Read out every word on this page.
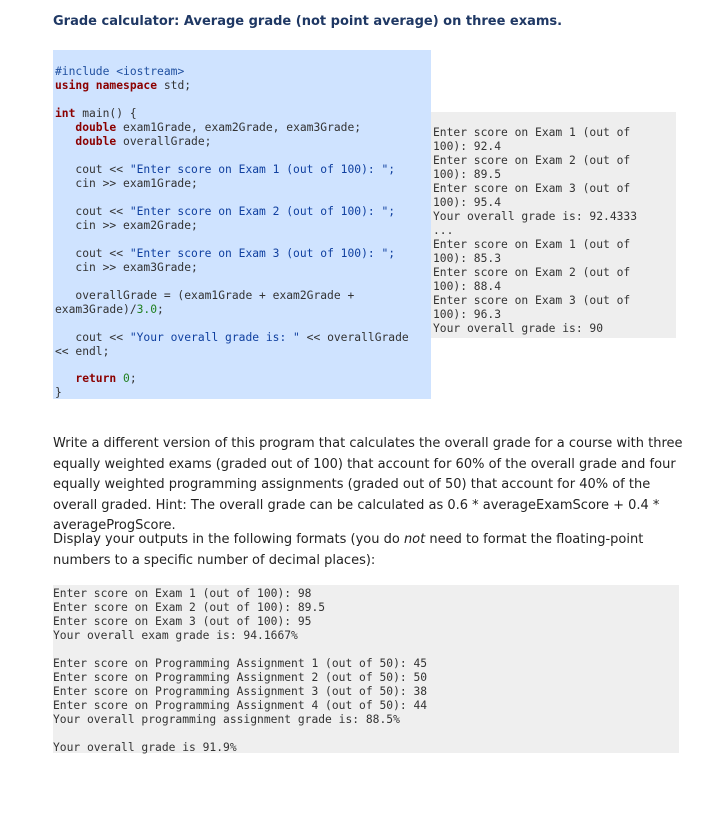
Grade calculator: Average grade (not point average) on three exams.

#include <iostream>

using namespace std;

int main() {

double exam1Grade, exam2Grade, exam3Grade;

double overallGrade;

cout << "Enter score on Exam 1 (out of 100): ";

cin >> exam1Grade;

cout << "Enter score on Exam 2 (out of 100): ";

cin >> exam2Grade;

cout << "Enter score on Exam 3 (out of 100): ";

cin >> exam3Grade;

overallGrade = (exam1Grade + exam2Grade +

exam3Grade)/3.0;

cout << "Your overall grade is: " << overallGrade

<< endl;

return 0;

}

Enter score on Exam 1 (out of

100): 92.4

Enter score on Exam 2 (out of

100): 89.5

Enter score on Exam 3 (out of

100): 95.4

Your overall grade is: 92.4333

...

Enter score on Exam 1 (out of

100): 85.3

Enter score on Exam 2 (out of

100): 88.4

Enter score on Exam 3 (out of

100): 96.3

Your overall grade is: 90

Write a different version of this program that calculates the overall grade for a course with three equally weighted exams (graded out of 100) that account for 60% of the overall grade and four equally weighted programming assignments (graded out of 50) that account for 40% of the overall graded. Hint: The overall grade can be calculated as 0.6 * averageExamScore + 0.4 * averageProgScore.
Display your outputs in the following formats (you do not need to format the floating-point numbers to a specific number of decimal places):

Enter score on Exam 1 (out of 100): 98

Enter score on Exam 2 (out of 100): 89.5

Enter score on Exam 3 (out of 100): 95

Your overall exam grade is: 94.1667%

Enter score on Programming Assignment 1 (out of 50): 45

Enter score on Programming Assignment 2 (out of 50): 50

Enter score on Programming Assignment 3 (out of 50): 38

Enter score on Programming Assignment 4 (out of 50): 44

Your overall programming assignment grade is: 88.5%

Your overall grade is 91.9%
